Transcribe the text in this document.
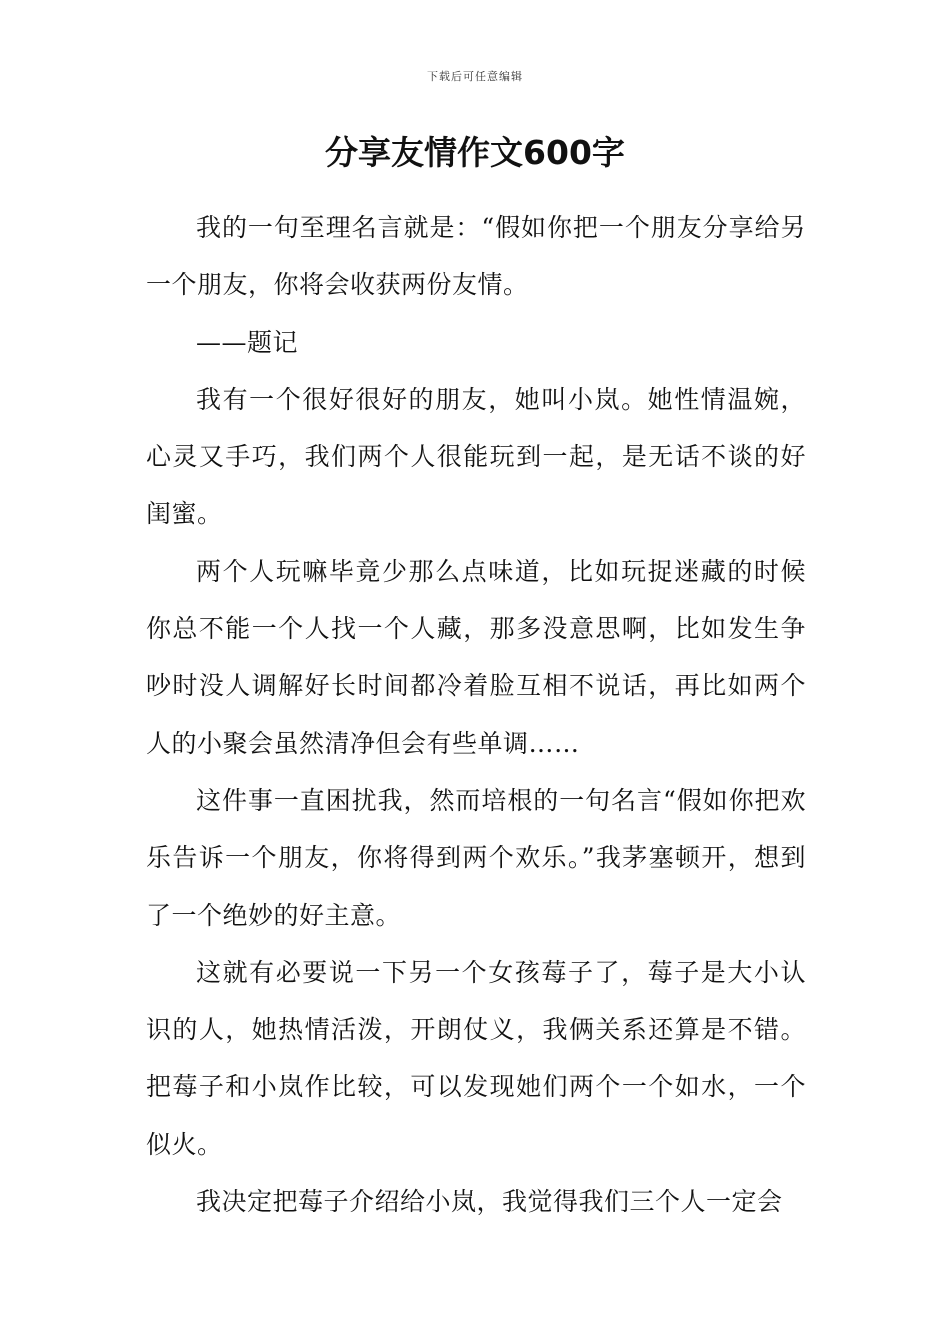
下载后可任意编辑
分享友情作文600字

我的一句至理名言就是：“假如你把一个朋友分享给另一个朋友，你将会收获两份友情。

——题记

我有一个很好很好的朋友，她叫小岚。她性情温婉，心灵又手巧，我们两个人很能玩到一起，是无话不谈的好闺蜜。

两个人玩嘛毕竟少那么点味道，比如玩捉迷藏的时候你总不能一个人找一个人藏，那多没意思啊，比如发生争吵时没人调解好长时间都冷着脸互相不说话，再比如两个人的小聚会虽然清净但会有些单调……

这件事一直困扰我，然而培根的一句名言“假如你把欢乐告诉一个朋友，你将得到两个欢乐。”我茅塞顿开，想到了一个绝妙的好主意。

这就有必要说一下另一个女孩莓子了，莓子是大小认识的人，她热情活泼，开朗仗义，我俩关系还算是不错。把莓子和小岚作比较，可以发现她们两个一个如水，一个似火。

我决定把莓子介绍给小岚，我觉得我们三个人一定会
